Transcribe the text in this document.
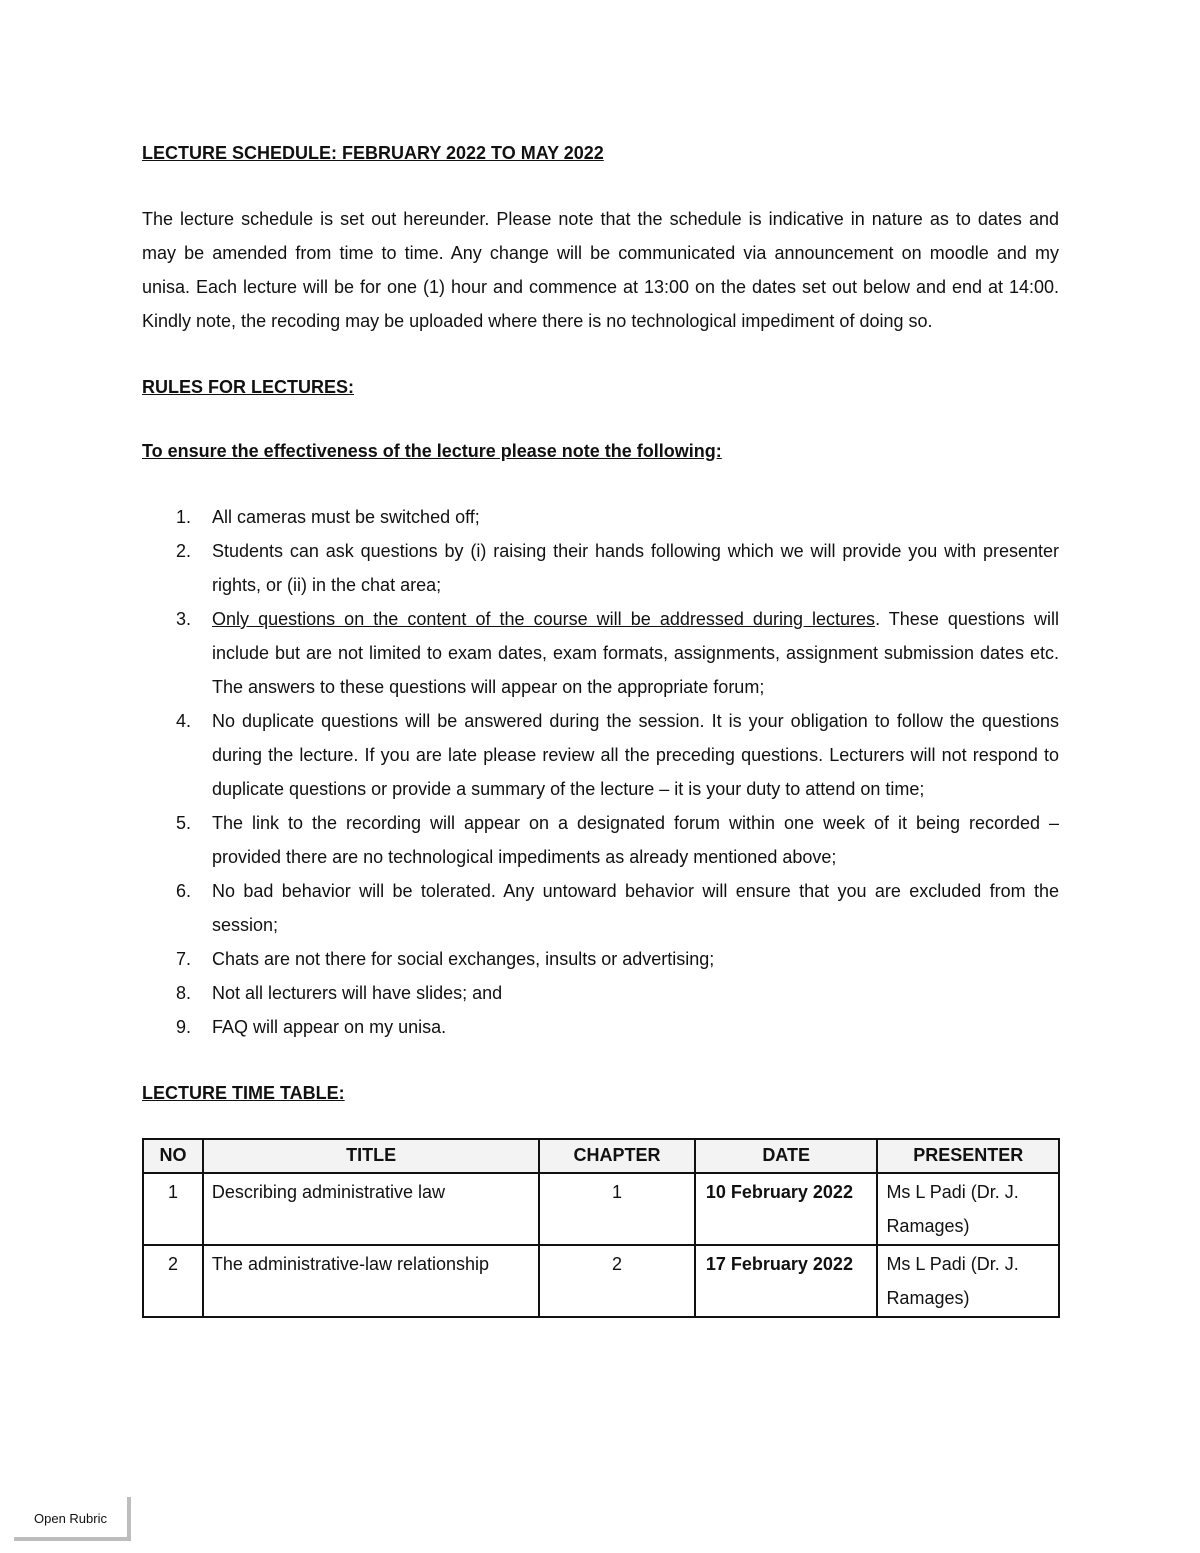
LECTURE SCHEDULE: FEBRUARY 2022 TO MAY 2022

The lecture schedule is set out hereunder. Please note that the schedule is indicative in nature as to dates and may be amended from time to time. Any change will be communicated via announcement on moodle and my unisa. Each lecture will be for one (1) hour and commence at 13:00 on the dates set out below and end at 14:00. Kindly note, the recoding may be uploaded where there is no technological impediment of doing so.

RULES FOR LECTURES:

To ensure the effectiveness of the lecture please note the following:

1.	All cameras must be switched off;
2.	Students can ask questions by (i) raising their hands following which we will provide you with presenter rights, or (ii) in the chat area;
3.	Only questions on the content of the course will be addressed during lectures. These questions will include but are not limited to exam dates, exam formats, assignments, assignment submission dates etc. The answers to these questions will appear on the appropriate forum;
4.	No duplicate questions will be answered during the session. It is your obligation to follow the questions during the lecture. If you are late please review all the preceding questions. Lecturers will not respond to duplicate questions or provide a summary of the lecture – it is your duty to attend on time;
5.	The link to the recording will appear on a designated forum within one week of it being recorded – provided there are no technological impediments as already mentioned above;
6.	No bad behavior will be tolerated. Any untoward behavior will ensure that you are excluded from the session;
7.	Chats are not there for social exchanges, insults or advertising;
8.	Not all lecturers will have slides; and
9.	FAQ will appear on my unisa.

LECTURE TIME TABLE:

NO	TITLE	CHAPTER	DATE	PRESENTER
1	Describing administrative law	1	10 February 2022	Ms L Padi (Dr. J. Ramages)
2	The administrative-law relationship	2	17 February 2022	Ms L Padi (Dr. J. Ramages)
Open Rubric
